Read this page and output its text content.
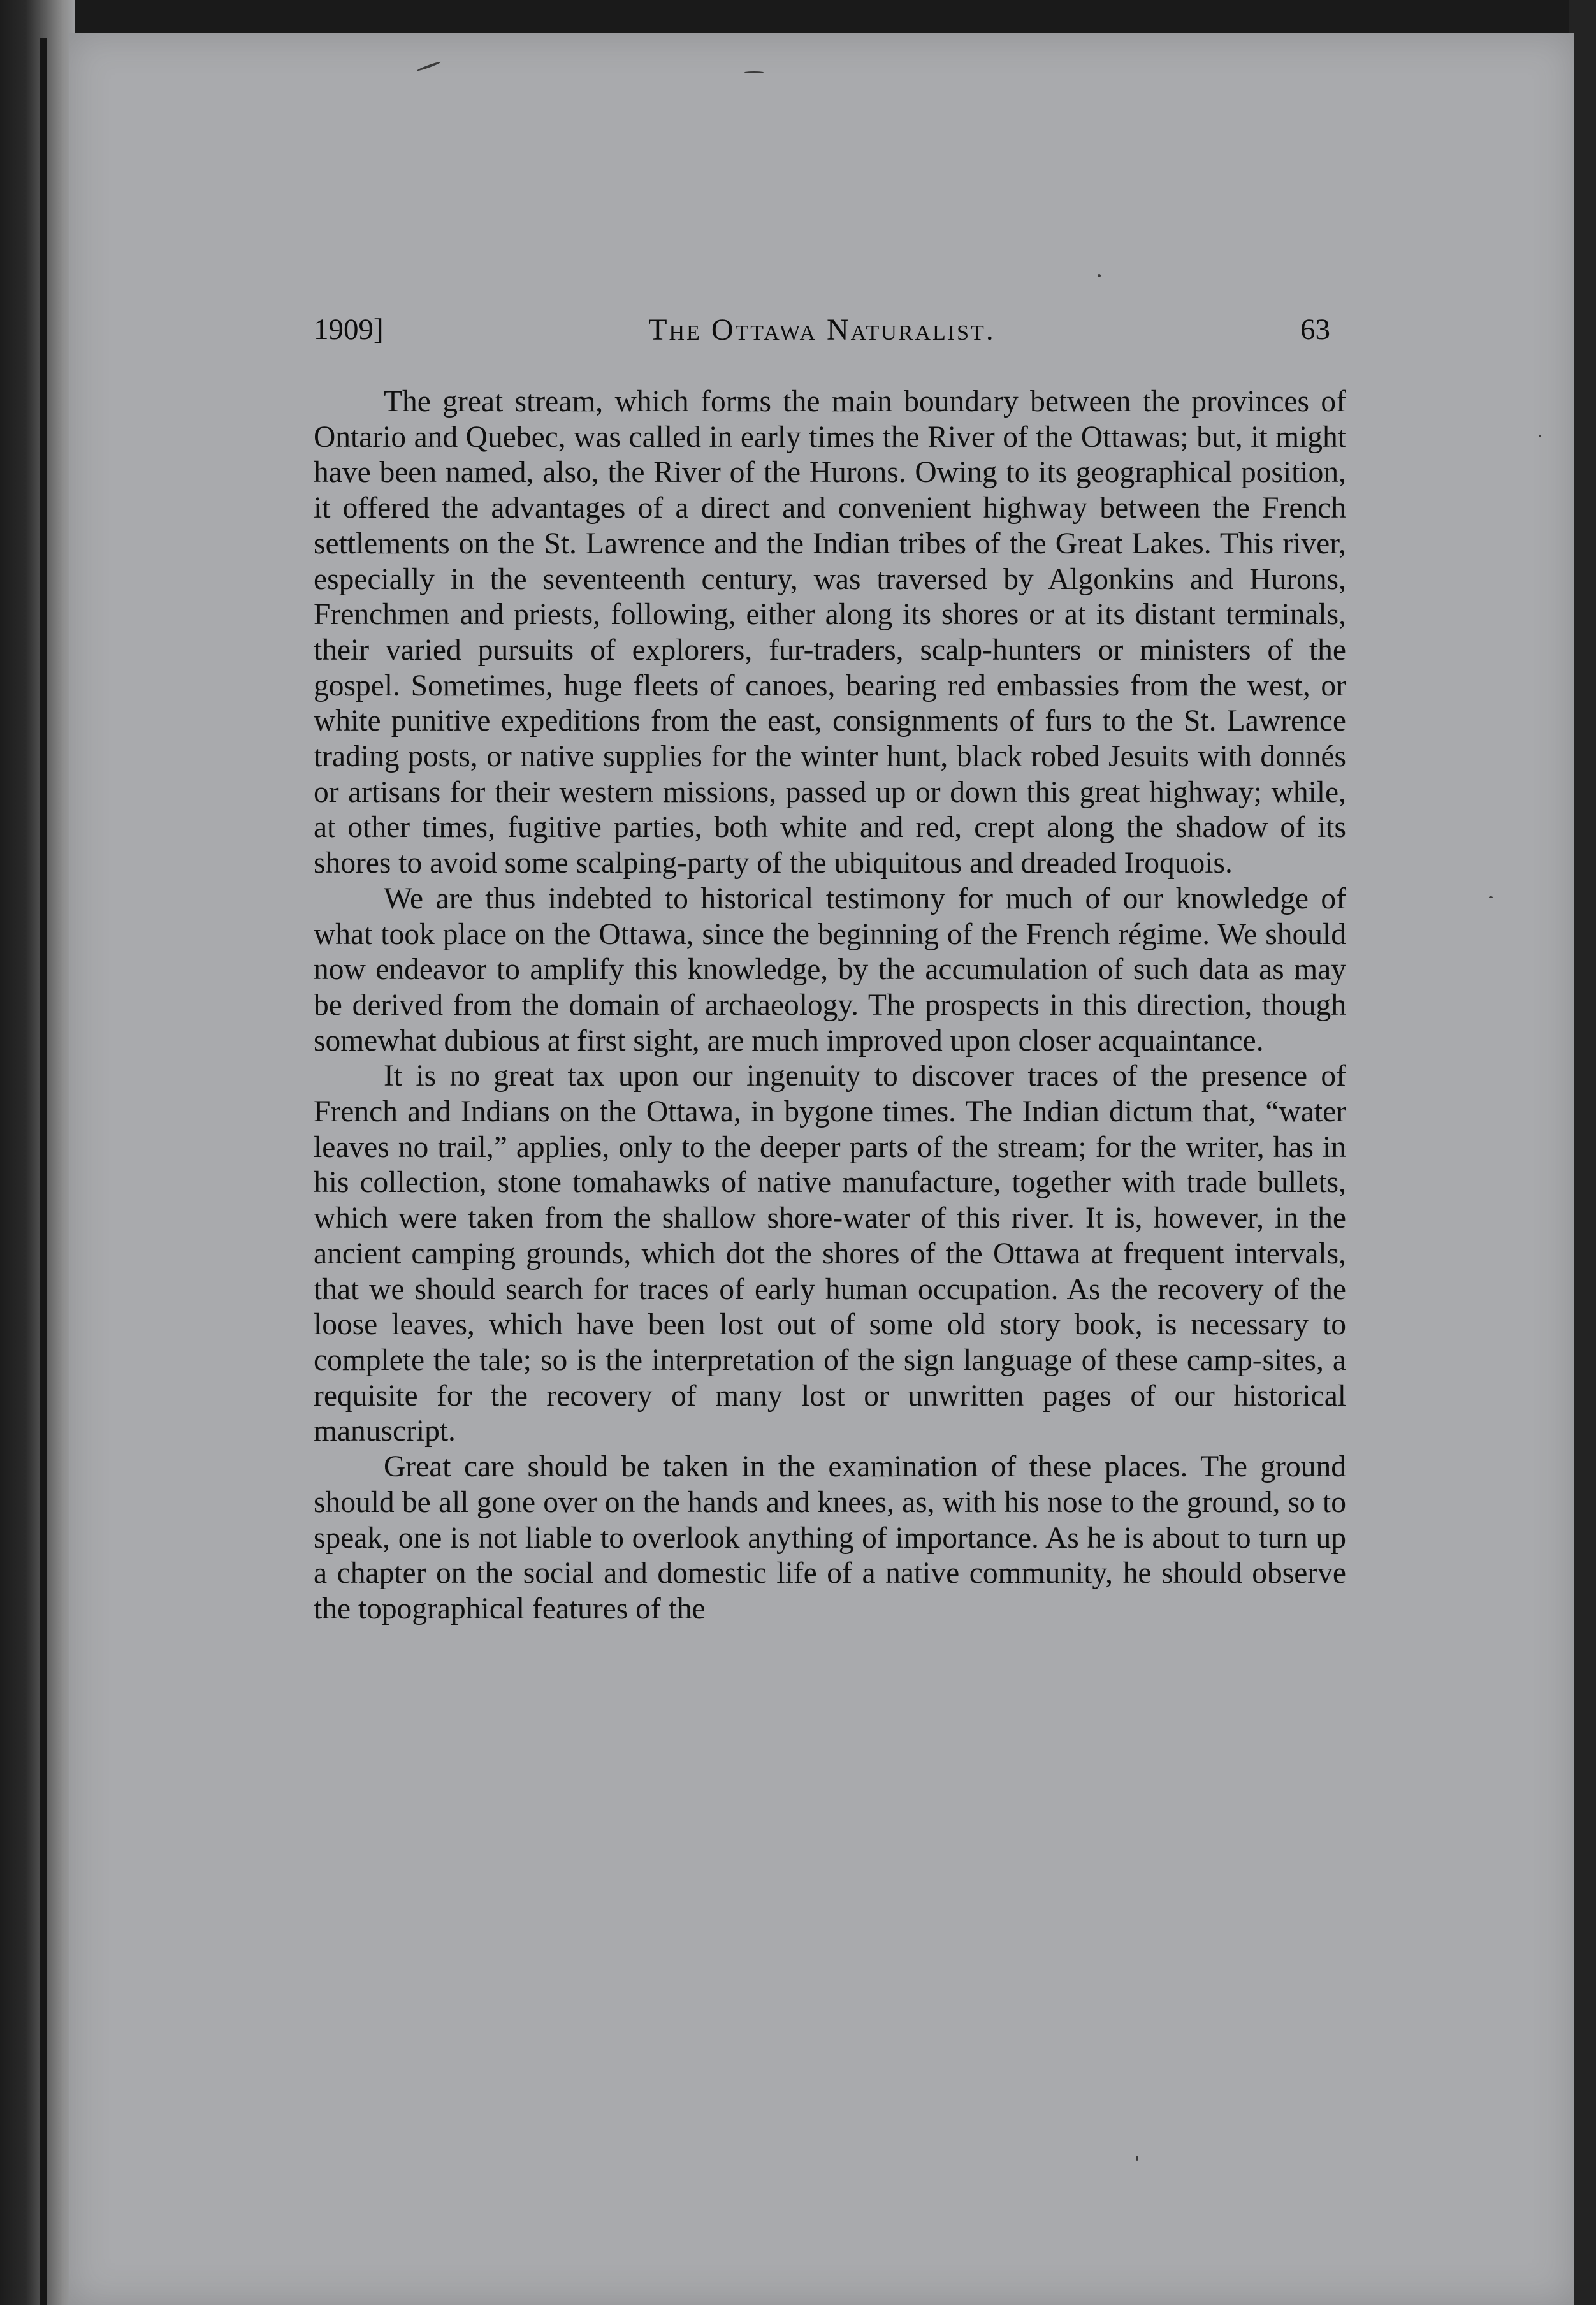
1909]	The Ottawa Naturalist.	63

The great stream, which forms the main boundary between the provinces of Ontario and Quebec, was called in early times the River of the Ottawas; but, it might have been named, also, the River of the Hurons. Owing to its geographical position, it offered the advantages of a direct and convenient highway between the French settlements on the St. Lawrence and the Indian tribes of the Great Lakes. This river, especially in the seventeenth century, was traversed by Algonkins and Hurons, Frenchmen and priests, following, either along its shores or at its distant terminals, their varied pursuits of explorers, fur-traders, scalp-hunters or ministers of the gospel. Sometimes, huge fleets of canoes, bearing red embassies from the west, or white punitive expeditions from the east, consignments of furs to the St. Lawrence trading posts, or native supplies for the winter hunt, black robed Jesuits with donnés or artisans for their western missions, passed up or down this great highway; while, at other times, fugitive parties, both white and red, crept along the shadow of its shores to avoid some scalping-party of the ubiquitous and dreaded Iroquois.

We are thus indebted to historical testimony for much of our knowledge of what took place on the Ottawa, since the beginning of the French régime. We should now endeavor to amplify this knowledge, by the accumulation of such data as may be derived from the domain of archaeology. The prospects in this direction, though somewhat dubious at first sight, are much improved upon closer acquaintance.

It is no great tax upon our ingenuity to discover traces of the presence of French and Indians on the Ottawa, in bygone times. The Indian dictum that, “water leaves no trail,” applies, only to the deeper parts of the stream; for the writer, has in his collection, stone tomahawks of native manufacture, together with trade bullets, which were taken from the shallow shore-water of this river. It is, however, in the ancient camping grounds, which dot the shores of the Ottawa at frequent intervals, that we should search for traces of early human occupation. As the recovery of the loose leaves, which have been lost out of some old story book, is necessary to complete the tale; so is the interpretation of the sign language of these camp-sites, a requisite for the recovery of many lost or unwritten pages of our historical manuscript.

Great care should be taken in the examination of these places. The ground should be all gone over on the hands and knees, as, with his nose to the ground, so to speak, one is not liable to overlook anything of importance. As he is about to turn up a chapter on the social and domestic life of a native community, he should observe the topographical features of the
